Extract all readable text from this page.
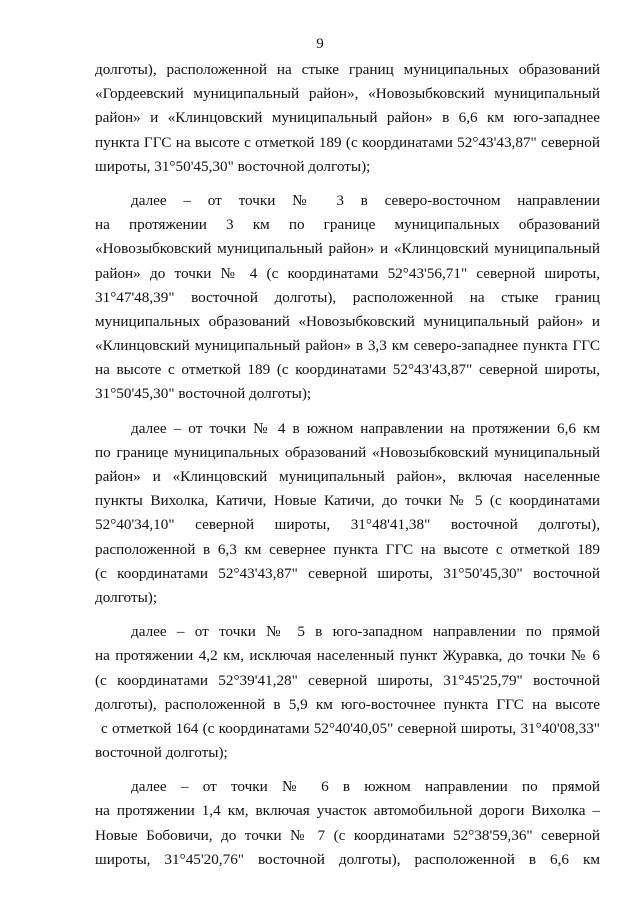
9
долготы), расположенной на стыке границ муниципальных образований
«Гордеевский муниципальный район», «Новозыбковский муниципальный
район» и «Клинцовский муниципальный район» в 6,6 км юго-западнее
пункта ГГС на высоте с отметкой 189 (с координатами 52°43'43,87" северной
широты, 31°50'45,30" восточной долготы);
далее – от точки № 3 в северо-восточном направлении
на протяжении 3 км по границе муниципальных образований
«Новозыбковский муниципальный район» и «Клинцовский муниципальный
район» до точки № 4 (с координатами 52°43'56,71" северной широты,
31°47'48,39" восточной долготы), расположенной на стыке границ
муниципальных образований «Новозыбковский муниципальный район» и
«Клинцовский муниципальный район» в 3,3 км северо-западнее пункта ГГС
на высоте с отметкой 189 (с координатами 52°43'43,87" северной широты,
31°50'45,30" восточной долготы);
далее – от точки № 4 в южном направлении на протяжении 6,6 км
по границе муниципальных образований «Новозыбковский муниципальный
район» и «Клинцовский муниципальный район», включая населенные
пункты Вихолка, Катичи, Новые Катичи, до точки № 5 (с координатами
52°40'34,10" северной широты, 31°48'41,38" восточной долготы),
расположенной в 6,3 км севернее пункта ГГС на высоте с отметкой 189
(с координатами 52°43'43,87" северной широты, 31°50'45,30" восточной
долготы);
далее – от точки № 5 в юго-западном направлении по прямой
на протяжении 4,2 км, исключая населенный пункт Журавка, до точки № 6
(с координатами 52°39'41,28" северной широты, 31°45'25,79" восточной
долготы), расположенной в 5,9 км юго-восточнее пункта ГГС на высоте
с отметкой 164 (с координатами 52°40'40,05" северной широты, 31°40'08,33"
восточной долготы);
далее – от точки № 6 в южном направлении по прямой
на протяжении 1,4 км, включая участок автомобильной дороги Вихолка –
Новые Бобовичи, до точки № 7 (с координатами 52°38'59,36" северной
широты, 31°45'20,76" восточной долготы), расположенной в 6,6 км
